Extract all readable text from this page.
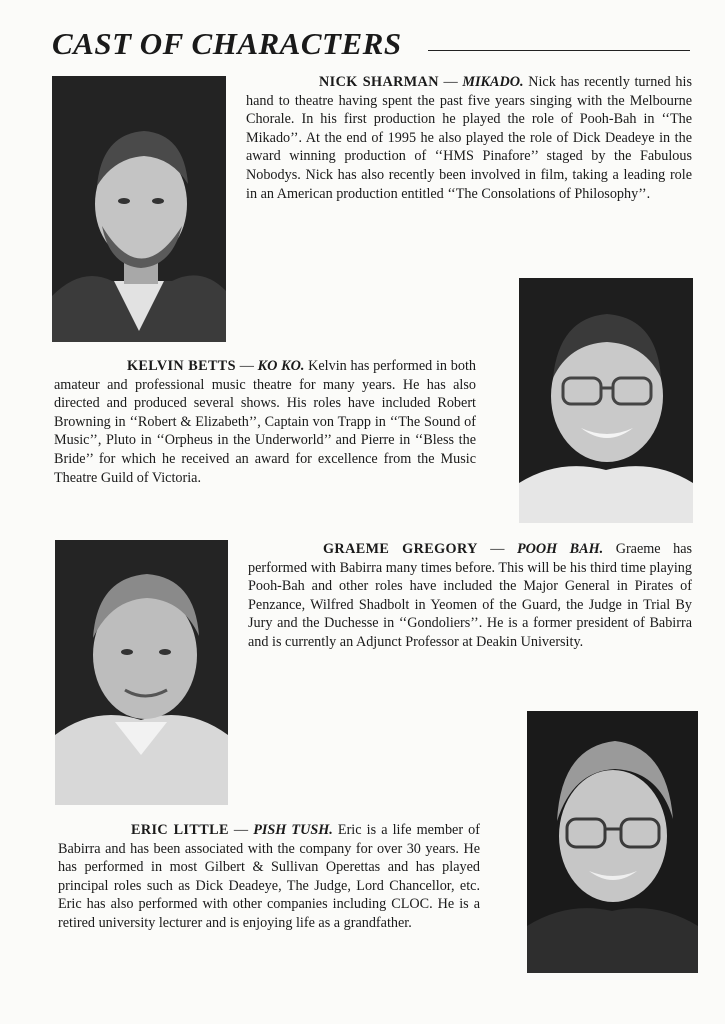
CAST OF CHARACTERS

NICK SHARMAN — MIKADO. Nick has recently turned his hand to theatre having spent the past five years singing with the Melbourne Chorale. In his first production he played the role of Pooh-Bah in ‘‘The Mikado’’. At the end of 1995 he also played the role of Dick Deadeye in the award winning production of ‘‘HMS Pinafore’’ staged by the Fabulous Nobodys. Nick has also recently been involved in film, taking a leading role in an American production entitled ‘‘The Consolations of Philosophy’’.

KELVIN BETTS — KO KO. Kelvin has performed in both amateur and professional music theatre for many years. He has also directed and produced several shows. His roles have included Robert Browning in ‘‘Robert & Elizabeth’’, Captain von Trapp in ‘‘The Sound of Music’’, Pluto in ‘‘Orpheus in the Underworld’’ and Pierre in ‘‘Bless the Bride’’ for which he received an award for excellence from the Music Theatre Guild of Victoria.

GRAEME GREGORY — POOH BAH. Graeme has performed with Babirra many times before. This will be his third time playing Pooh-Bah and other roles have included the Major General in Pirates of Penzance, Wilfred Shadbolt in Yeomen of the Guard, the Judge in Trial By Jury and the Duchesse in ‘‘Gondoliers’’. He is a former president of Babirra and is currently an Adjunct Professor at Deakin University.

ERIC LITTLE — PISH TUSH. Eric is a life member of Babirra and has been associated with the company for over 30 years. He has performed in most Gilbert & Sullivan Operettas and has played principal roles such as Dick Deadeye, The Judge, Lord Chancellor, etc. Eric has also performed with other companies including CLOC. He is a retired university lecturer and is enjoying life as a grandfather.
